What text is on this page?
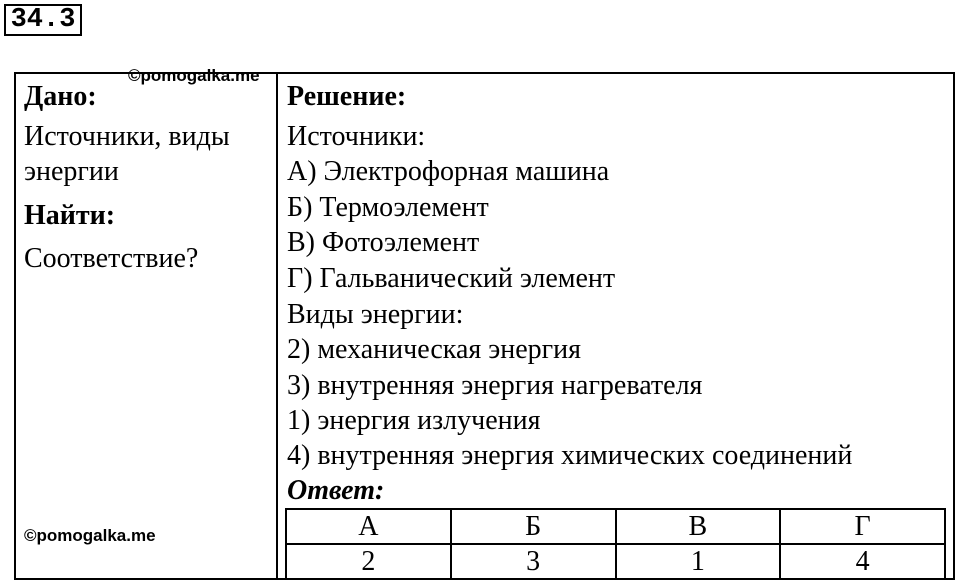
34.3
©pomogalka.me
©pomogalka.me
Дано:
Источники, виды
энергии
Найти:
Соответствие?
Решение:
Источники:
А) Электрофорная машина
Б) Термоэлемент
В) Фотоэлемент
Г) Гальванический элемент
Виды энергии:
2) механическая энергия
3) внутренняя энергия нагревателя
1) энергия излучения
4) внутренняя энергия химических соединений
Ответ:
А	Б	В	Г
2	3	1	4
